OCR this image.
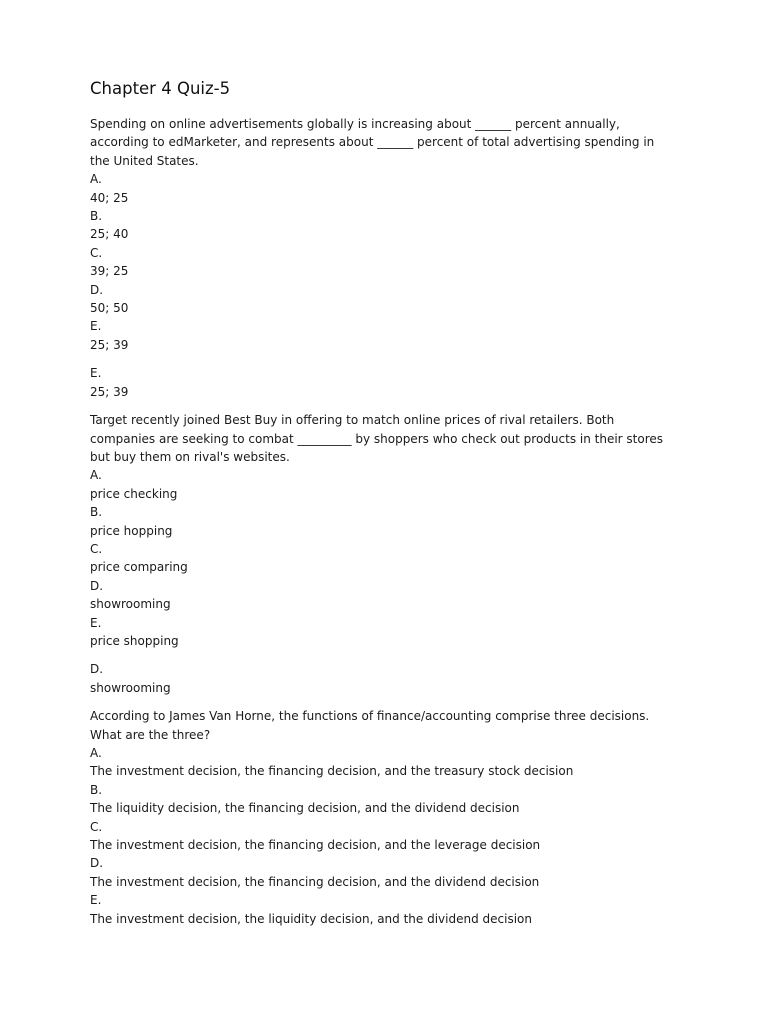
Chapter 4 Quiz-5
Spending on online advertisements globally is increasing about ______ percent annually,
according to edMarketer, and represents about ______ percent of total advertising spending in
the United States.
A.
40; 25
B.
25; 40
C.
39; 25
D.
50; 50
E.
25; 39
E.
25; 39
Target recently joined Best Buy in offering to match online prices of rival retailers. Both
companies are seeking to combat _________ by shoppers who check out products in their stores
but buy them on rival's websites.
A.
price checking
B.
price hopping
C.
price comparing
D.
showrooming
E.
price shopping
D.
showrooming
According to James Van Horne, the functions of finance/accounting comprise three decisions.
What are the three?
A.
The investment decision, the financing decision, and the treasury stock decision
B.
The liquidity decision, the financing decision, and the dividend decision
C.
The investment decision, the financing decision, and the leverage decision
D.
The investment decision, the financing decision, and the dividend decision
E.
The investment decision, the liquidity decision, and the dividend decision
